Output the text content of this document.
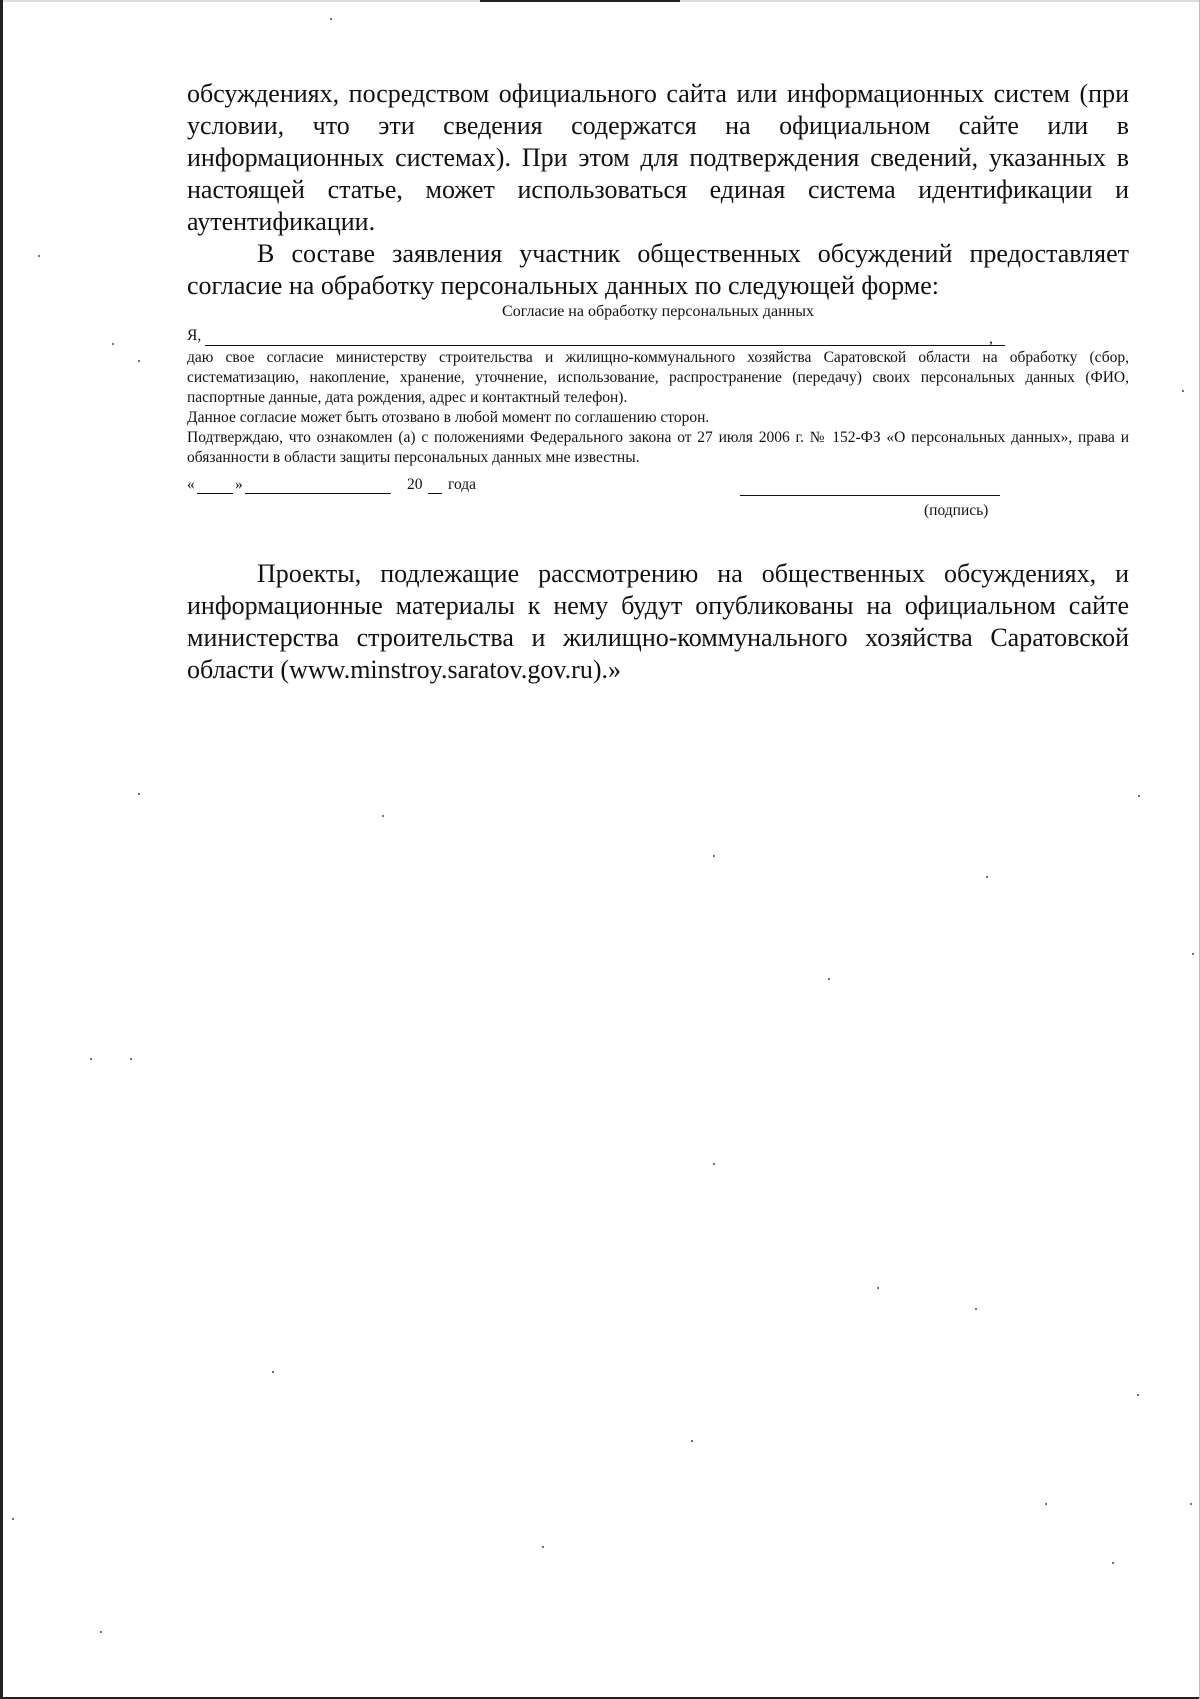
обсуждениях, посредством официального сайта или информационных систем (при условии, что эти сведения содержатся на официальном сайте или в информационных системах). При этом для подтверждения сведений, указанных в настоящей статье, может использоваться единая система идентификации и аутентификации.

В составе заявления участник общественных обсуждений предоставляет согласие на обработку персональных данных по следующей форме:

Согласие на обработку персональных данных

Я,	,

даю свое согласие министерству строительства и жилищно-коммунального хозяйства Саратовской области на обработку (сбор, систематизацию, накопление, хранение, уточнение, использование, распространение (передачу) своих персональных данных (ФИО, паспортные данные, дата рождения, адрес и контактный телефон).

Данное согласие может быть отозвано в любой момент по соглашению сторон.

Подтверждаю, что ознакомлен (а) с положениями Федерального закона от 27 июля 2006 г. № 152-ФЗ «О персональных данных», права и обязанности в области защиты персональных данных мне известны.

«	»	20 года
(подпись)

Проекты, подлежащие рассмотрению на общественных обсуждениях, и информационные материалы к нему будут опубликованы на официальном сайте министерства строительства и жилищно-коммунального хозяйства Саратовской области (www.minstroy.saratov.gov.ru).»
